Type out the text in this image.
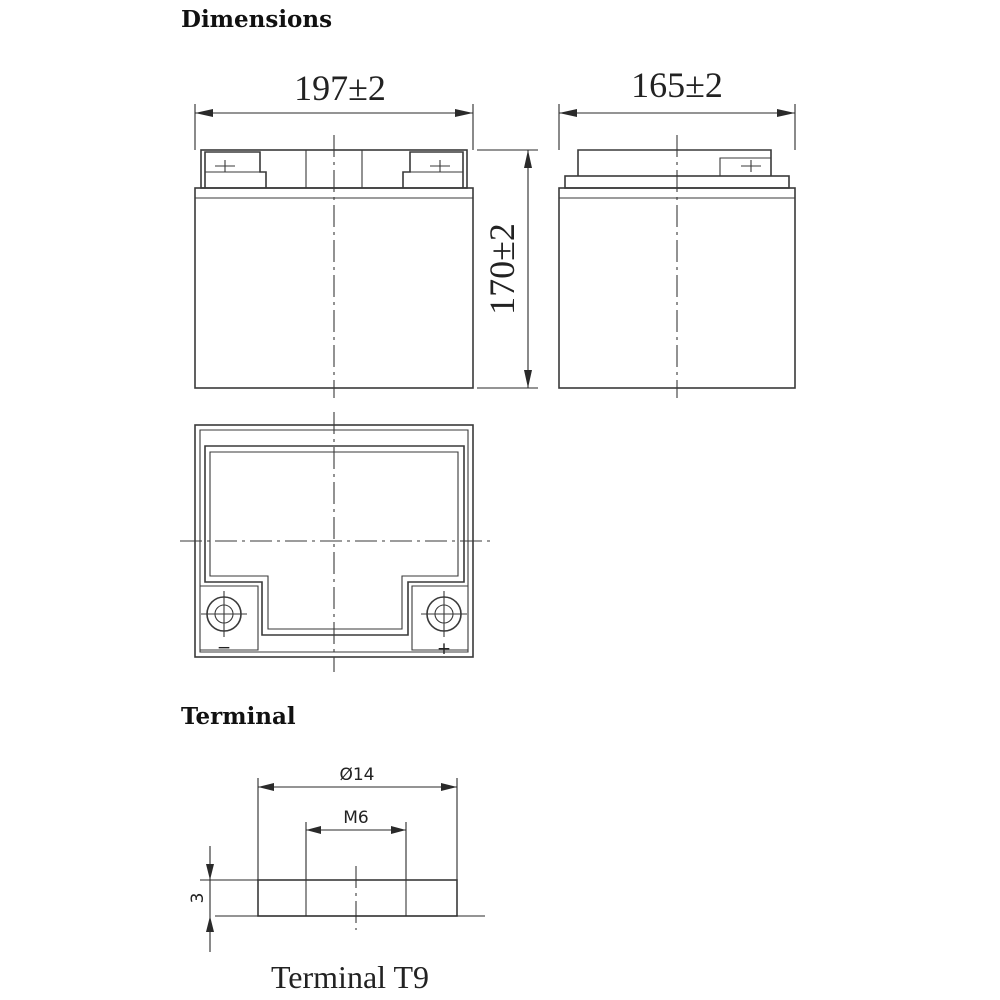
Dimensions
197±2
170±2
165±2
−	+
Terminal
Ø14
M6
3
Terminal T9
